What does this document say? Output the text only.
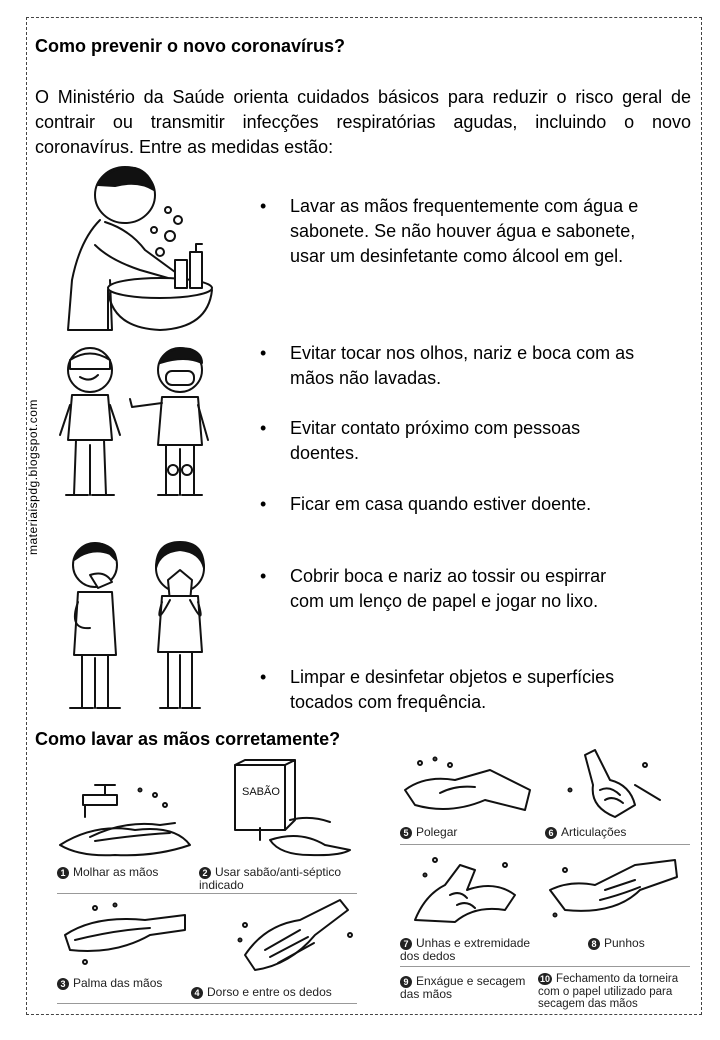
Como prevenir o novo coronavírus?
O Ministério da Saúde orienta cuidados básicos para reduzir o risco geral de contrair ou transmitir infecções respiratórias agudas, incluindo o novo coronavírus. Entre as medidas estão:
materiaispdg.blogspot.com
• Lavar as mãos frequentemente com água e sabonete. Se não houver água e sabonete, usar um desinfetante como álcool em gel.
• Evitar tocar nos olhos, nariz e boca com as mãos não lavadas.
• Evitar contato próximo com pessoas doentes.
• Ficar em casa quando estiver doente.
• Cobrir boca e nariz ao tossir ou espirrar com um lenço de papel e jogar no lixo.
• Limpar e desinfetar objetos e superfícies tocados com frequência.
Como lavar as mãos corretamente?
1 Molhar as mãos
SABÃO
2 Usar sabão/anti-séptico indicado
3 Palma das mãos
4 Dorso e entre os dedos
5 Polegar	6 Articulações
7 Unhas e extremidade dos dedos
8 Punhos
9 Enxágue e secagem das mãos
10 Fechamento da torneira com o papel utilizado para secagem das mãos
